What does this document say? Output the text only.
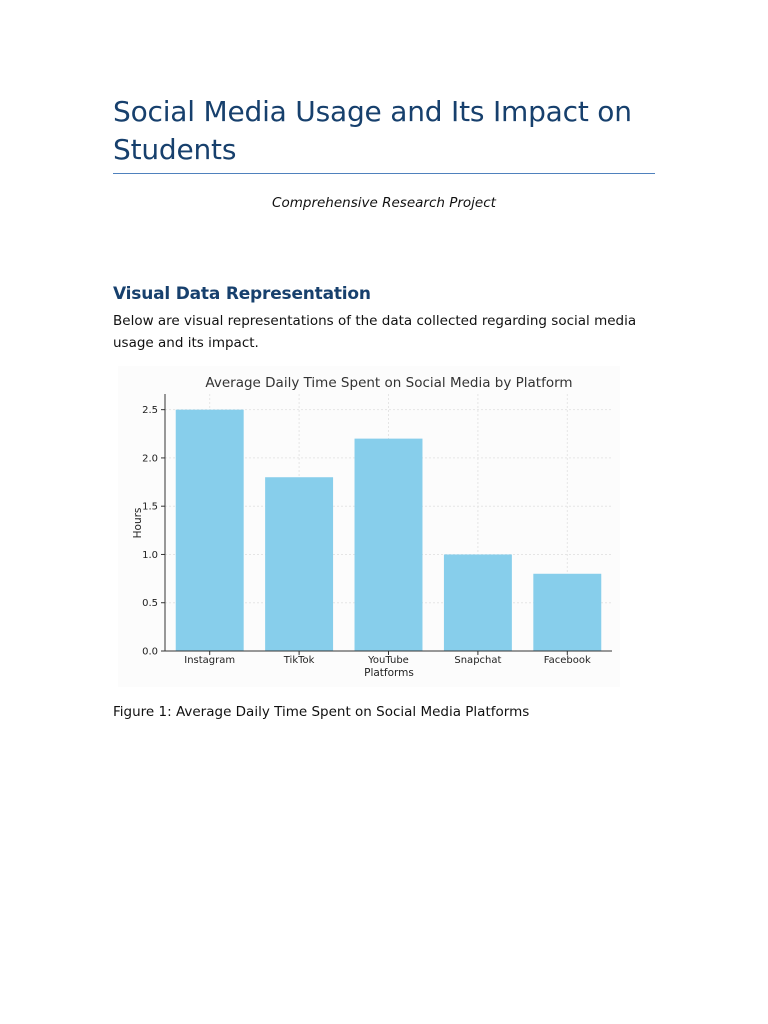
Social Media Usage and Its Impact on Students

Comprehensive Research Project

Visual Data Representation

Below are visual representations of the data collected regarding social media usage and its impact.

Average Daily Time Spent on Social Media by Platform
0.0
0.5
1.0
1.5
2.0
2.5
Instagram	TikTok	YouTube	Snapchat	Facebook
Platforms
Hours

Figure 1: Average Daily Time Spent on Social Media Platforms
